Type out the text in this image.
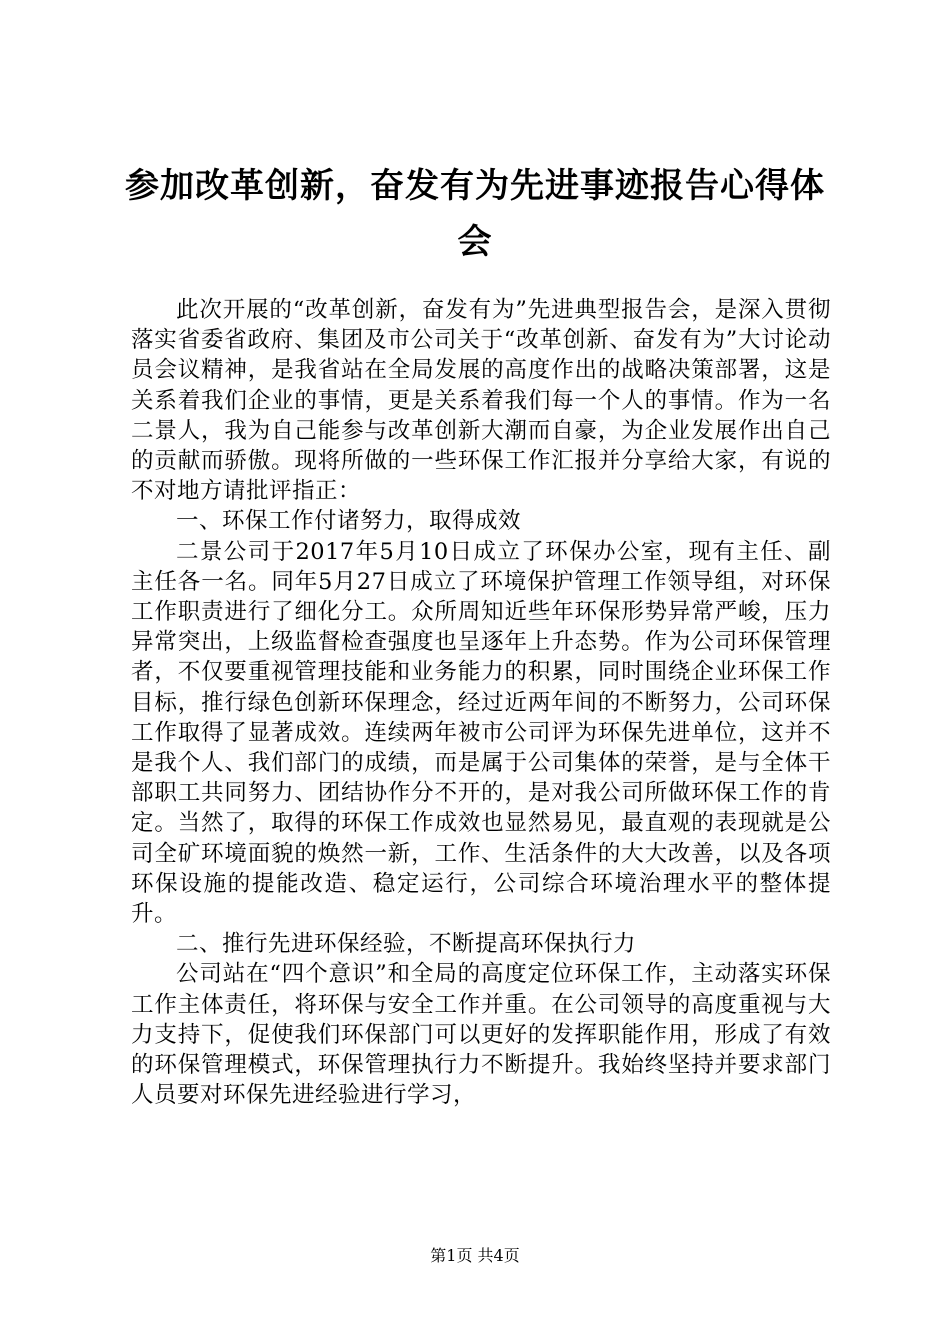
参加改革创新，奋发有为先进事迹报告心得体会

此次开展的“改革创新，奋发有为”先进典型报告会，是深入贯彻落实省委省政府、集团及市公司关于“改革创新、奋发有为”大讨论动员会议精神，是我省站在全局发展的高度作出的战略决策部署，这是关系着我们企业的事情，更是关系着我们每一个人的事情。作为一名二景人，我为自己能参与改革创新大潮而自豪，为企业发展作出自己的贡献而骄傲。现将所做的一些环保工作汇报并分享给大家，有说的不对地方请批评指正：

一、环保工作付诸努力，取得成效

二景公司于2017年5月10日成立了环保办公室，现有主任、副主任各一名。同年5月27日成立了环境保护管理工作领导组，对环保工作职责进行了细化分工。众所周知近些年环保形势异常严峻，压力异常突出，上级监督检查强度也呈逐年上升态势。作为公司环保管理者，不仅要重视管理技能和业务能力的积累，同时围绕企业环保工作目标，推行绿色创新环保理念，经过近两年间的不断努力，公司环保工作取得了显著成效。连续两年被市公司评为环保先进单位，这并不是我个人、我们部门的成绩，而是属于公司集体的荣誉，是与全体干部职工共同努力、团结协作分不开的，是对我公司所做环保工作的肯定。当然了，取得的环保工作成效也显然易见，最直观的表现就是公司全矿环境面貌的焕然一新，工作、生活条件的大大改善，以及各项环保设施的提能改造、稳定运行，公司综合环境治理水平的整体提升。

二、推行先进环保经验，不断提高环保执行力

公司站在“四个意识”和全局的高度定位环保工作，主动落实环保工作主体责任，将环保与安全工作并重。在公司领导的高度重视与大力支持下，促使我们环保部门可以更好的发挥职能作用，形成了有效的环保管理模式，环保管理执行力不断提升。我始终坚持并要求部门人员要对环保先进经验进行学习，

第1页 共4页
